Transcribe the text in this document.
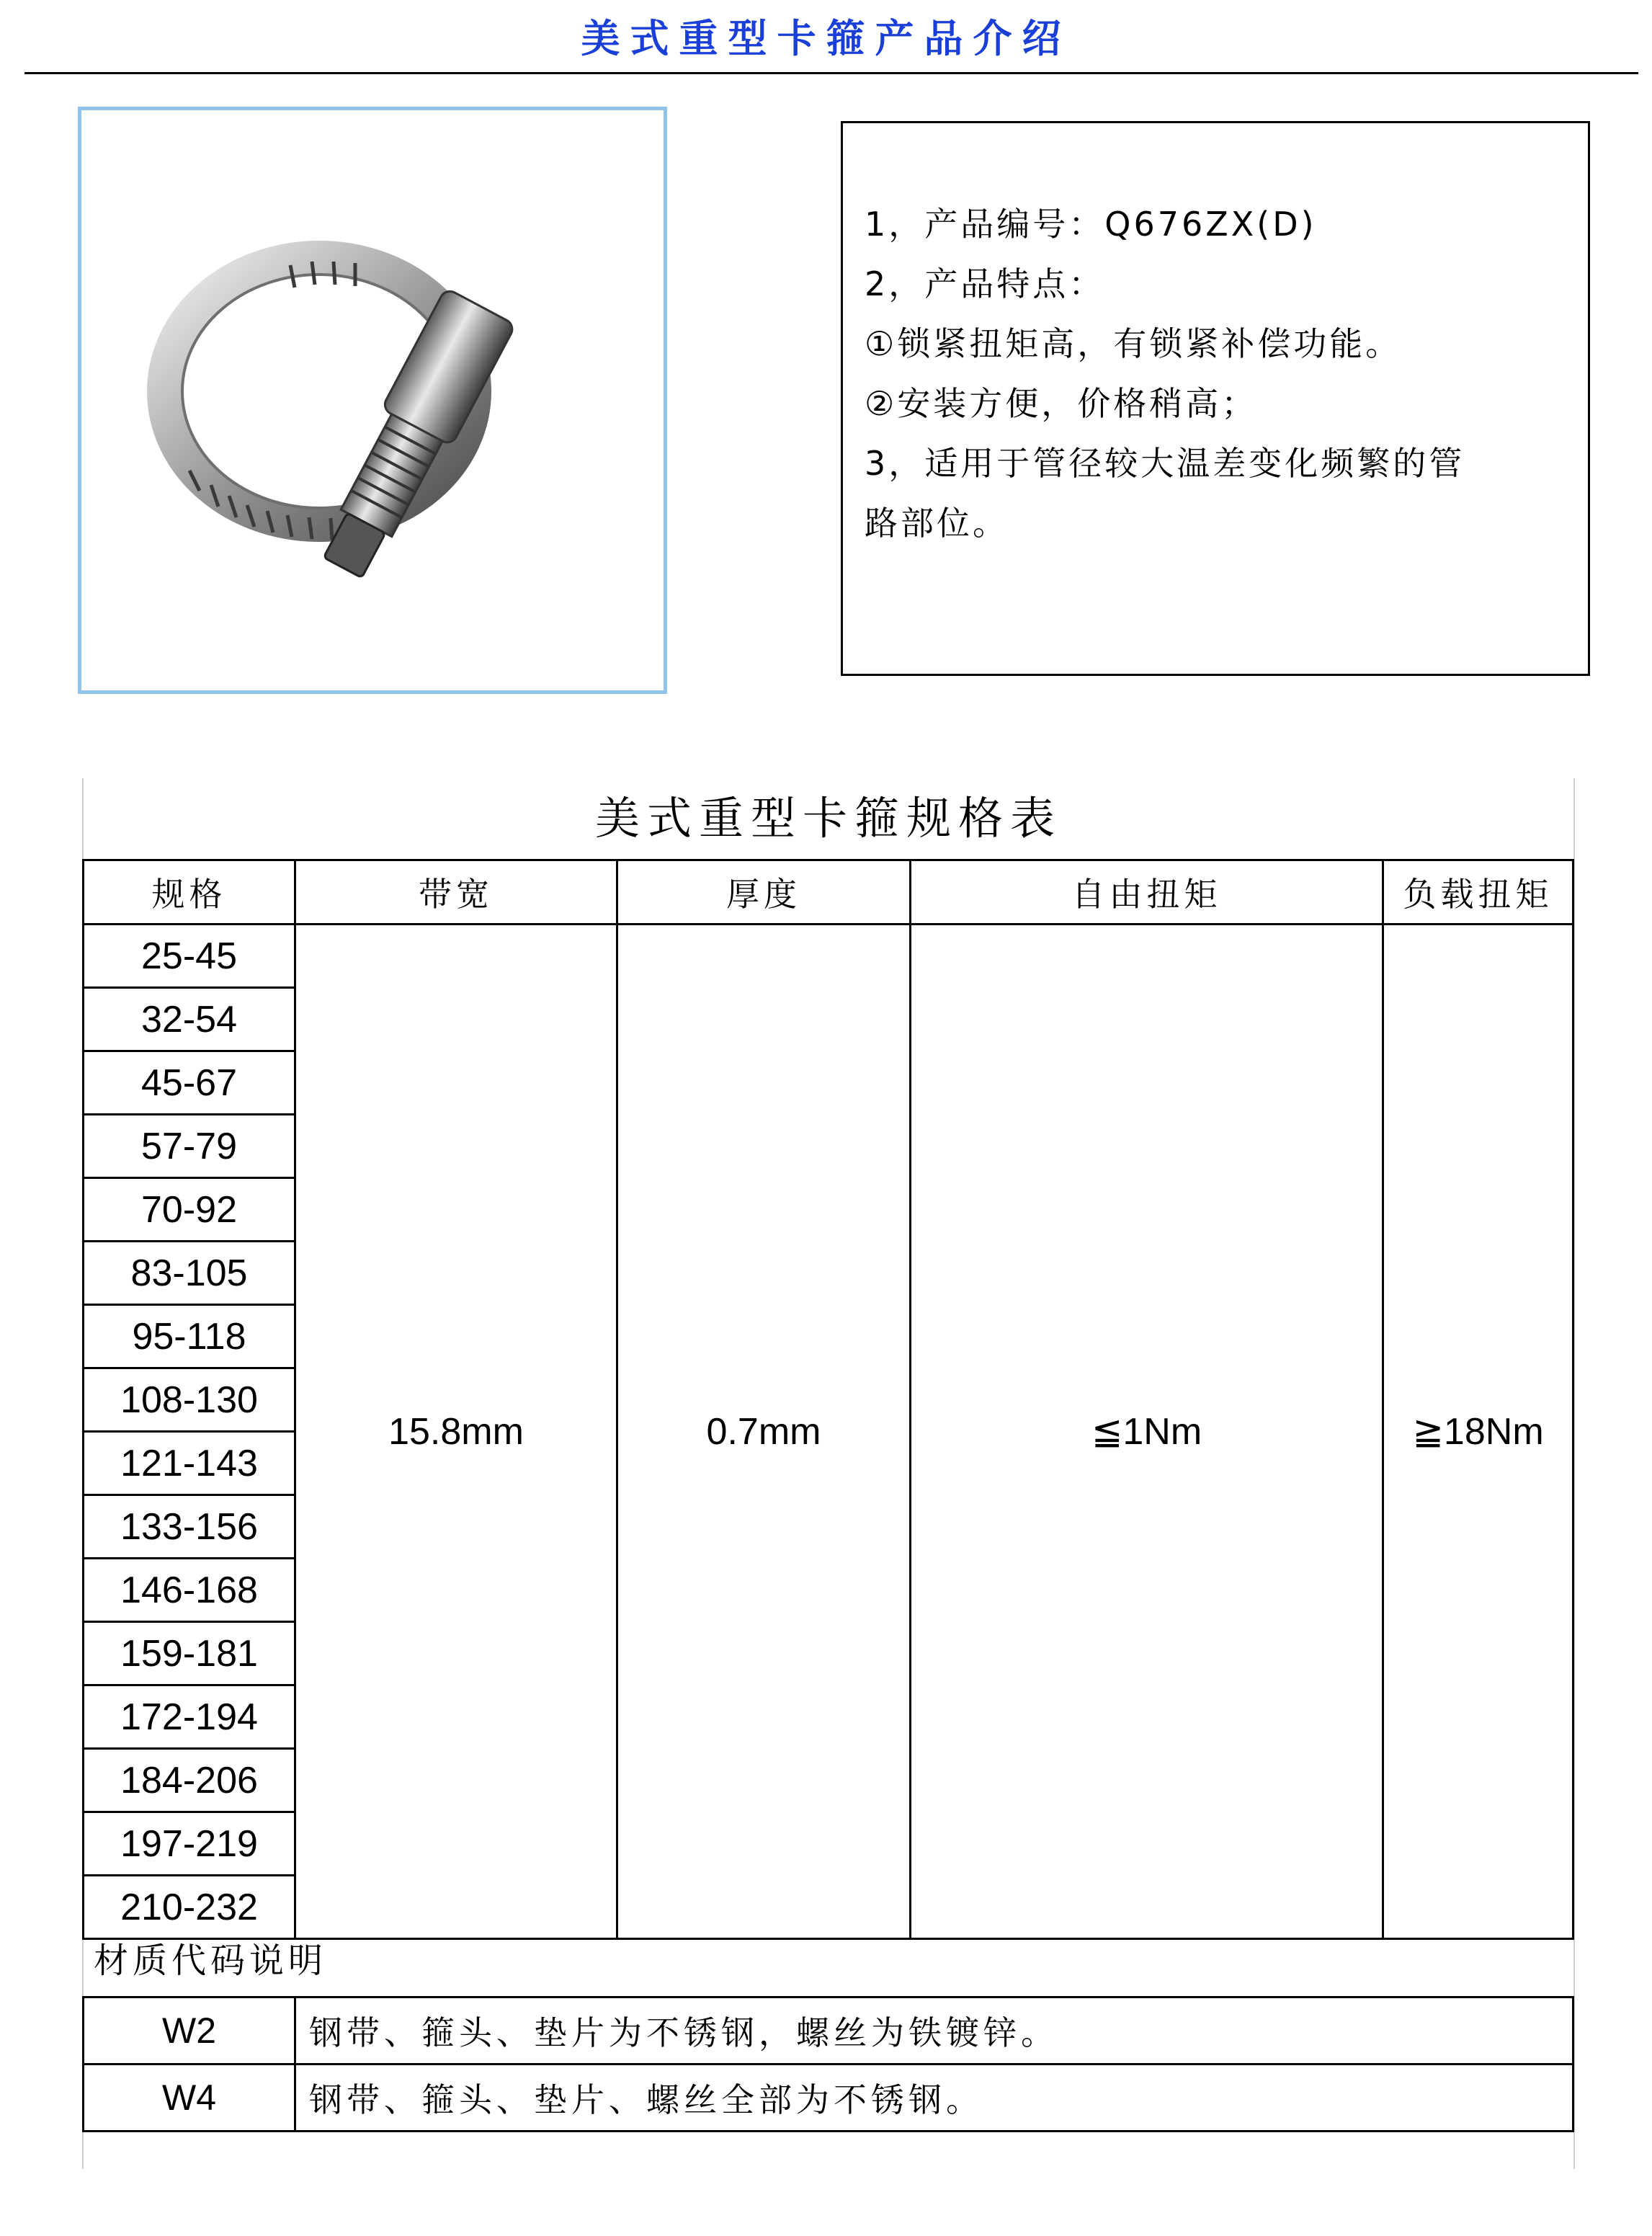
美式重型卡箍产品介绍
1，产品编号：Q676ZX(D)
2，产品特点：
①锁紧扭矩高，有锁紧补偿功能。
②安装方便，价格稍高；
3，适用于管径较大温差变化频繁的管
路部位。
美式重型卡箍规格表
规格	带宽	厚度	自由扭矩	负载扭矩
25-45	15.8mm	0.7mm	≦1Nm	≧18Nm
32-54				
45-67				
57-79				
70-92				
83-105				
95-118				
108-130				
121-143				
133-156				
146-168				
159-181				
172-194				
184-206				
197-219				
210-232				
材质代码说明
W2	钢带、箍头、垫片为不锈钢，螺丝为铁镀锌。
W4	钢带、箍头、垫片、螺丝全部为不锈钢。
